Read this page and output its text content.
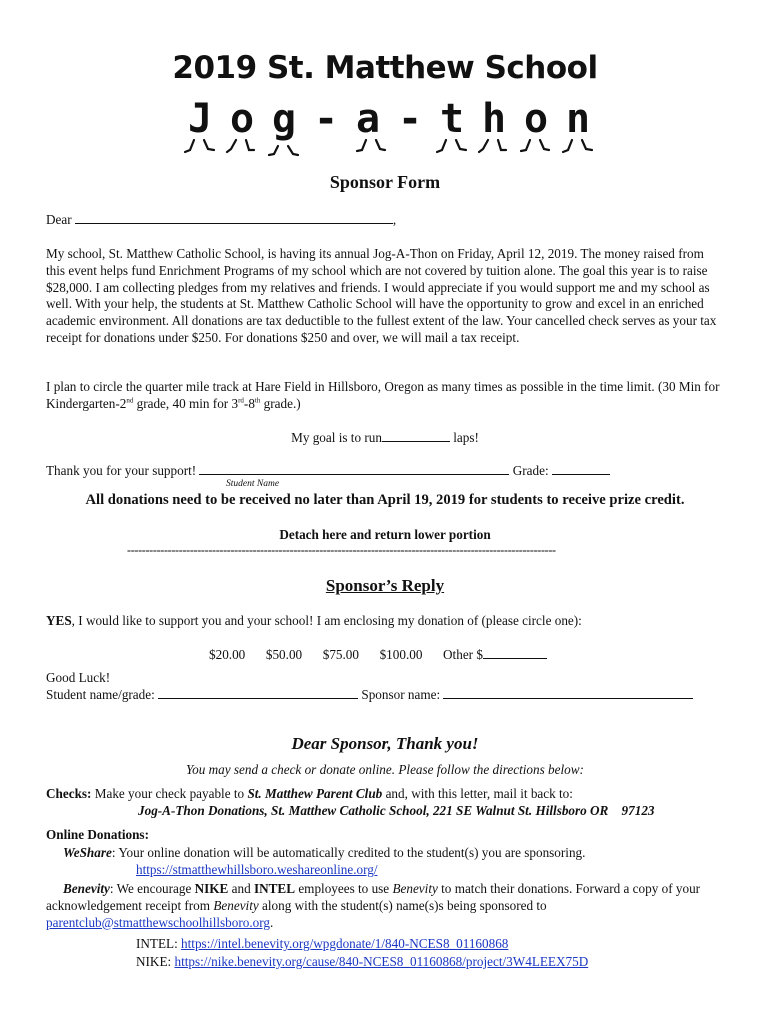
2019 St. Matthew School
J o g - a - t h o n
Sponsor Form

Dear	,

My school, St. Matthew Catholic School, is having its annual Jog-A-Thon on Friday, April 12, 2019. The money raised from this event helps fund Enrichment Programs of my school which are not covered by tuition alone. The goal this year is to raise $28,000. I am collecting pledges from my relatives and friends. I would appreciate if you would support me and my school as well. With your help, the students at St. Matthew Catholic School will have the opportunity to grow and excel in an enriched academic environment. All donations are tax deductible to the fullest extent of the law. Your cancelled check serves as your tax receipt for donations under $250. For donations $250 and over, we will mail a tax receipt.

I plan to circle the quarter mile track at Hare Field in Hillsboro, Oregon as many times as possible in the time limit. (30 Min for Kindergarten-2nd grade, 40 min for 3rd-8th grade.)

My goal is to run	laps!
Thank you for your support!	Grade:
Student Name
All donations need to be received no later than April 19, 2019 for students to receive prize credit.
Detach here and return lower portion
--------------------------------------------------------------------------------------------------------------------
Sponsor’s Reply

YES, I would like to support you and your school! I am enclosing my donation of (please circle one):

$20.00 $50.00 $75.00 $100.00 Other $
Good Luck!
Student name/grade:	Sponsor name:
Dear Sponsor, Thank you!
You may send a check or donate online. Please follow the directions below:
Checks: Make your check payable to St. Matthew Parent Club and, with this letter, mail it back to:
Jog-A-Thon Donations, St. Matthew Catholic School, 221 SE Walnut St. Hillsboro OR    97123
Online Donations:
WeShare: Your online donation will be automatically credited to the student(s) you are sponsoring.
https://stmatthewhillsboro.weshareonline.org/

Benevity: We encourage NIKE and INTEL employees to use Benevity to match their donations. Forward a copy of your acknowledgement receipt from Benevity along with the student(s) name(s)s being sponsored to parentclub@stmatthewschoolhillsboro.org.

INTEL: https://intel.benevity.org/wpgdonate/1/840-NCES8_01160868
NIKE: https://nike.benevity.org/cause/840-NCES8_01160868/project/3W4LEEX75D
